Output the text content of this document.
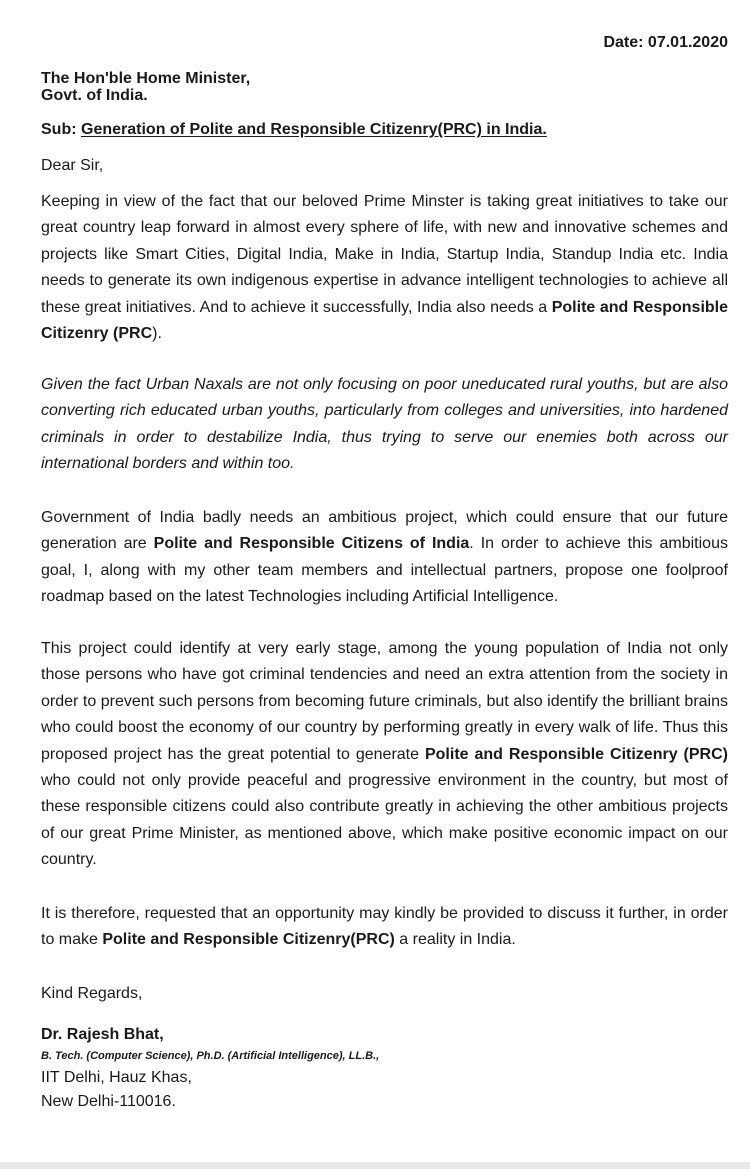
Date: 07.01.2020
The Hon'ble Home Minister,
Govt. of India.
Sub: Generation of Polite and Responsible Citizenry(PRC) in India.
Dear Sir,

Keeping in view of the fact that our beloved Prime Minster is taking great initiatives to take our great country leap forward in almost every sphere of life, with new and innovative schemes and projects like Smart Cities, Digital India, Make in India, Startup India, Standup India etc. India needs to generate its own indigenous expertise in advance intelligent technologies to achieve all these great initiatives. And to achieve it successfully, India also needs a Polite and Responsible Citizenry (PRC).

Given the fact Urban Naxals are not only focusing on poor uneducated rural youths, but are also converting rich educated urban youths, particularly from colleges and universities, into hardened criminals in order to destabilize India, thus trying to serve our enemies both across our international borders and within too.

Government of India badly needs an ambitious project, which could ensure that our future generation are Polite and Responsible Citizens of India. In order to achieve this ambitious goal, I, along with my other team members and intellectual partners, propose one foolproof roadmap based on the latest Technologies including Artificial Intelligence.

This project could identify at very early stage, among the young population of India not only those persons who have got criminal tendencies and need an extra attention from the society in order to prevent such persons from becoming future criminals, but also identify the brilliant brains who could boost the economy of our country by performing greatly in every walk of life. Thus this proposed project has the great potential to generate Polite and Responsible Citizenry (PRC) who could not only provide peaceful and progressive environment in the country, but most of these responsible citizens could also contribute greatly in achieving the other ambitious projects of our great Prime Minister, as mentioned above, which make positive economic impact on our country.

It is therefore, requested that an opportunity may kindly be provided to discuss it further, in order to make Polite and Responsible Citizenry(PRC) a reality in India.

Kind Regards,
Dr. Rajesh Bhat,
B. Tech. (Computer Science), Ph.D. (Artificial Intelligence), LL.B.,
IIT Delhi, Hauz Khas,
New Delhi-110016.
